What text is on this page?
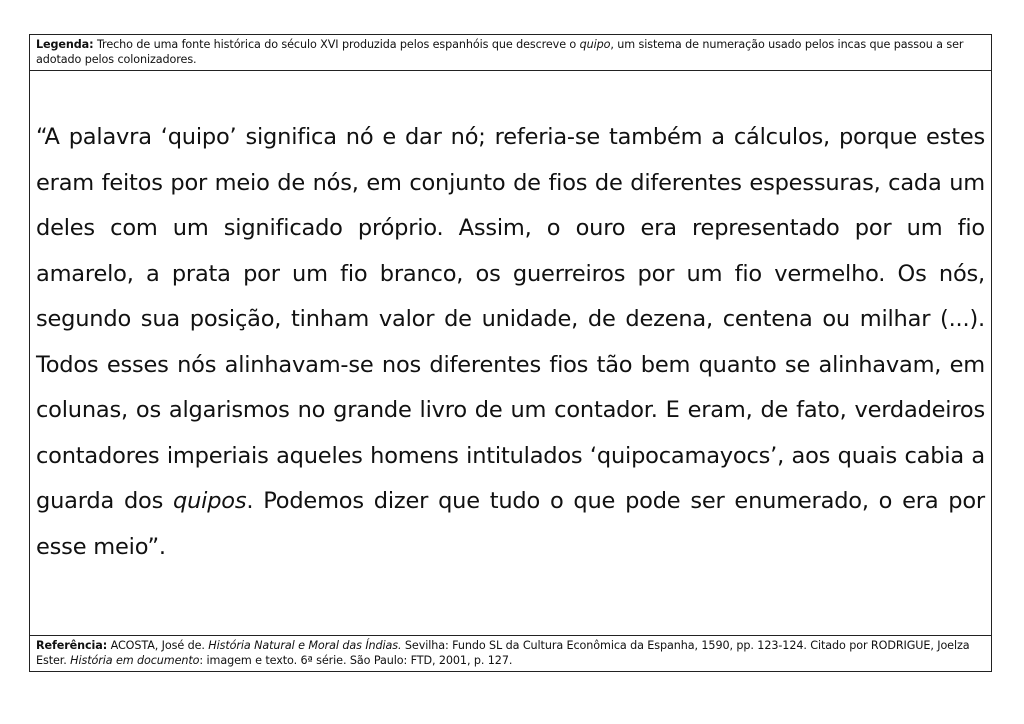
Legenda: Trecho de uma fonte histórica do século XVI produzida pelos espanhóis que descreve o quipo, um sistema de numeração usado pelos incas que passou a ser adotado pelos colonizadores.
“A palavra ‘quipo’ significa nó e dar nó; referia-se também a cálculos, porque estes eram feitos por meio de nós, em conjunto de fios de diferentes espessuras, cada um deles com um significado próprio. Assim, o ouro era representado por um fio amarelo, a prata por um fio branco, os guerreiros por um fio vermelho. Os nós, segundo sua posição, tinham valor de unidade, de dezena, centena ou milhar (...). Todos esses nós alinhavam-se nos diferentes fios tão bem quanto se alinhavam, em colunas, os algarismos no grande livro de um contador. E eram, de fato, verdadeiros contadores imperiais aqueles homens intitulados ‘quipocamayocs’, aos quais cabia a guarda dos quipos. Podemos dizer que tudo o que pode ser enumerado, o era por esse meio”.
Referência: ACOSTA, José de. História Natural e Moral das Índias. Sevilha: Fundo SL da Cultura Econômica da Espanha, 1590, pp. 123-124. Citado por RODRIGUE, Joelza Ester. História em documento: imagem e texto. 6ª série. São Paulo: FTD, 2001, p. 127.
